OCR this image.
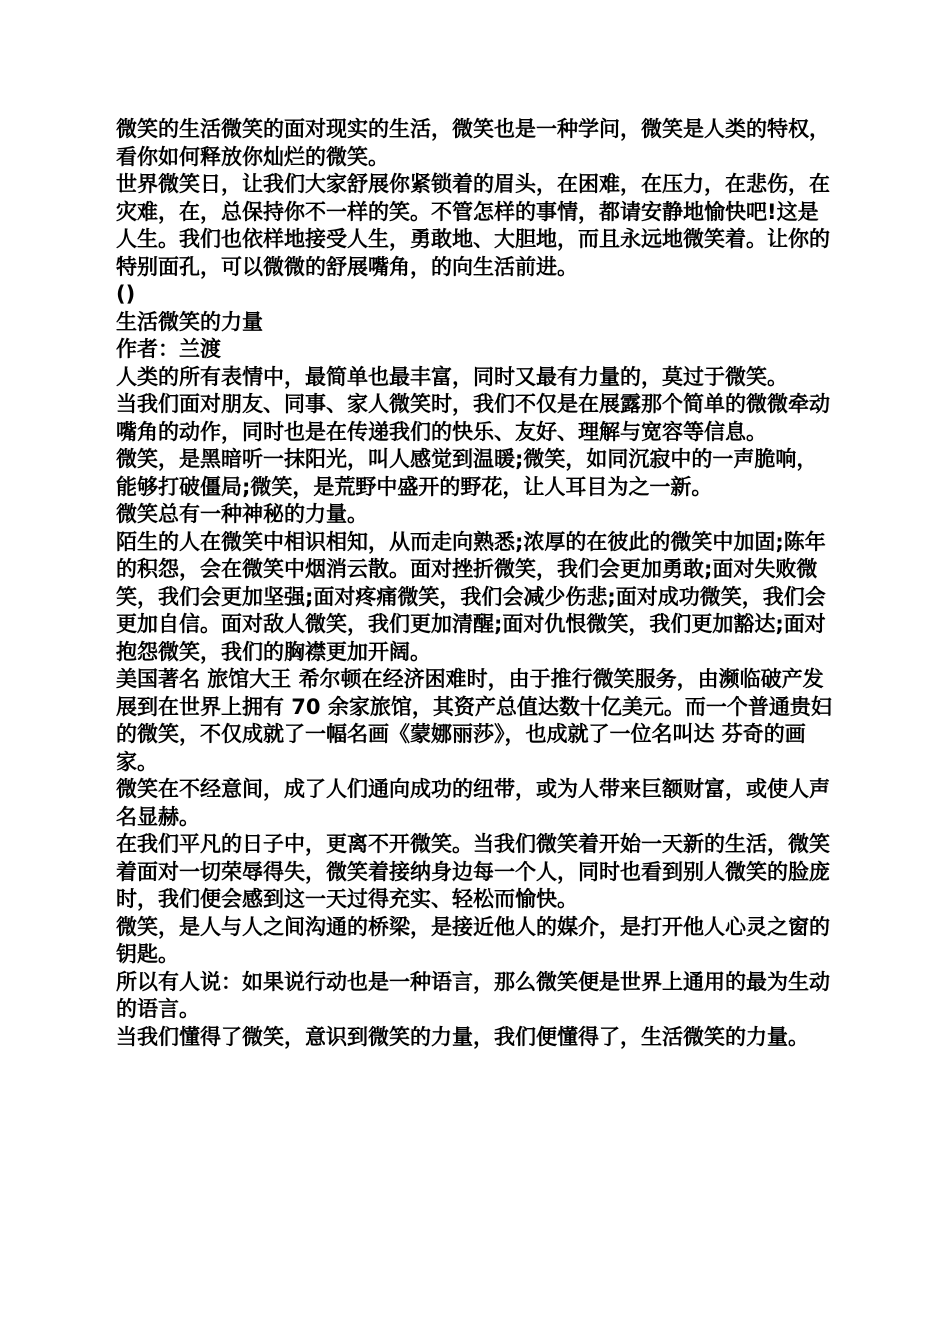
微笑的生活微笑的面对现实的生活，微笑也是一种学问，微笑是人类的特权，看你如何释放你灿烂的微笑。

世界微笑日，让我们大家舒展你紧锁着的眉头，在困难，在压力，在悲伤，在灾难，在，总保持你不一样的笑。不管怎样的事情，都请安静地愉快吧!这是人生。我们也依样地接受人生，勇敢地、大胆地，而且永远地微笑着。让你的特别面孔，可以微微的舒展嘴角，的向生活前进。

()

生活微笑的力量

作者：兰渡

人类的所有表情中，最简单也最丰富，同时又最有力量的，莫过于微笑。

当我们面对朋友、同事、家人微笑时，我们不仅是在展露那个简单的微微牵动嘴角的动作，同时也是在传递我们的快乐、友好、理解与宽容等信息。

微笑，是黑暗听一抹阳光，叫人感觉到温暖;微笑，如同沉寂中的一声脆响，能够打破僵局;微笑，是荒野中盛开的野花，让人耳目为之一新。

微笑总有一种神秘的力量。

陌生的人在微笑中相识相知，从而走向熟悉;浓厚的在彼此的微笑中加固;陈年的积怨，会在微笑中烟消云散。面对挫折微笑，我们会更加勇敢;面对失败微笑，我们会更加坚强;面对疼痛微笑，我们会减少伤悲;面对成功微笑，我们会更加自信。面对敌人微笑，我们更加清醒;面对仇恨微笑，我们更加豁达;面对抱怨微笑，我们的胸襟更加开阔。

美国著名 旅馆大王 希尔顿在经济困难时，由于推行微笑服务，由濒临破产发展到在世界上拥有 70 余家旅馆，其资产总值达数十亿美元。而一个普通贵妇的微笑，不仅成就了一幅名画《蒙娜丽莎》，也成就了一位名叫达 芬奇的画家。

微笑在不经意间，成了人们通向成功的纽带，或为人带来巨额财富，或使人声名显赫。

在我们平凡的日子中，更离不开微笑。当我们微笑着开始一天新的生活，微笑着面对一切荣辱得失，微笑着接纳身边每一个人，同时也看到别人微笑的脸庞时，我们便会感到这一天过得充实、轻松而愉快。

微笑，是人与人之间沟通的桥梁，是接近他人的媒介，是打开他人心灵之窗的钥匙。

所以有人说：如果说行动也是一种语言，那么微笑便是世界上通用的最为生动的语言。

当我们懂得了微笑，意识到微笑的力量，我们便懂得了，生活微笑的力量。
